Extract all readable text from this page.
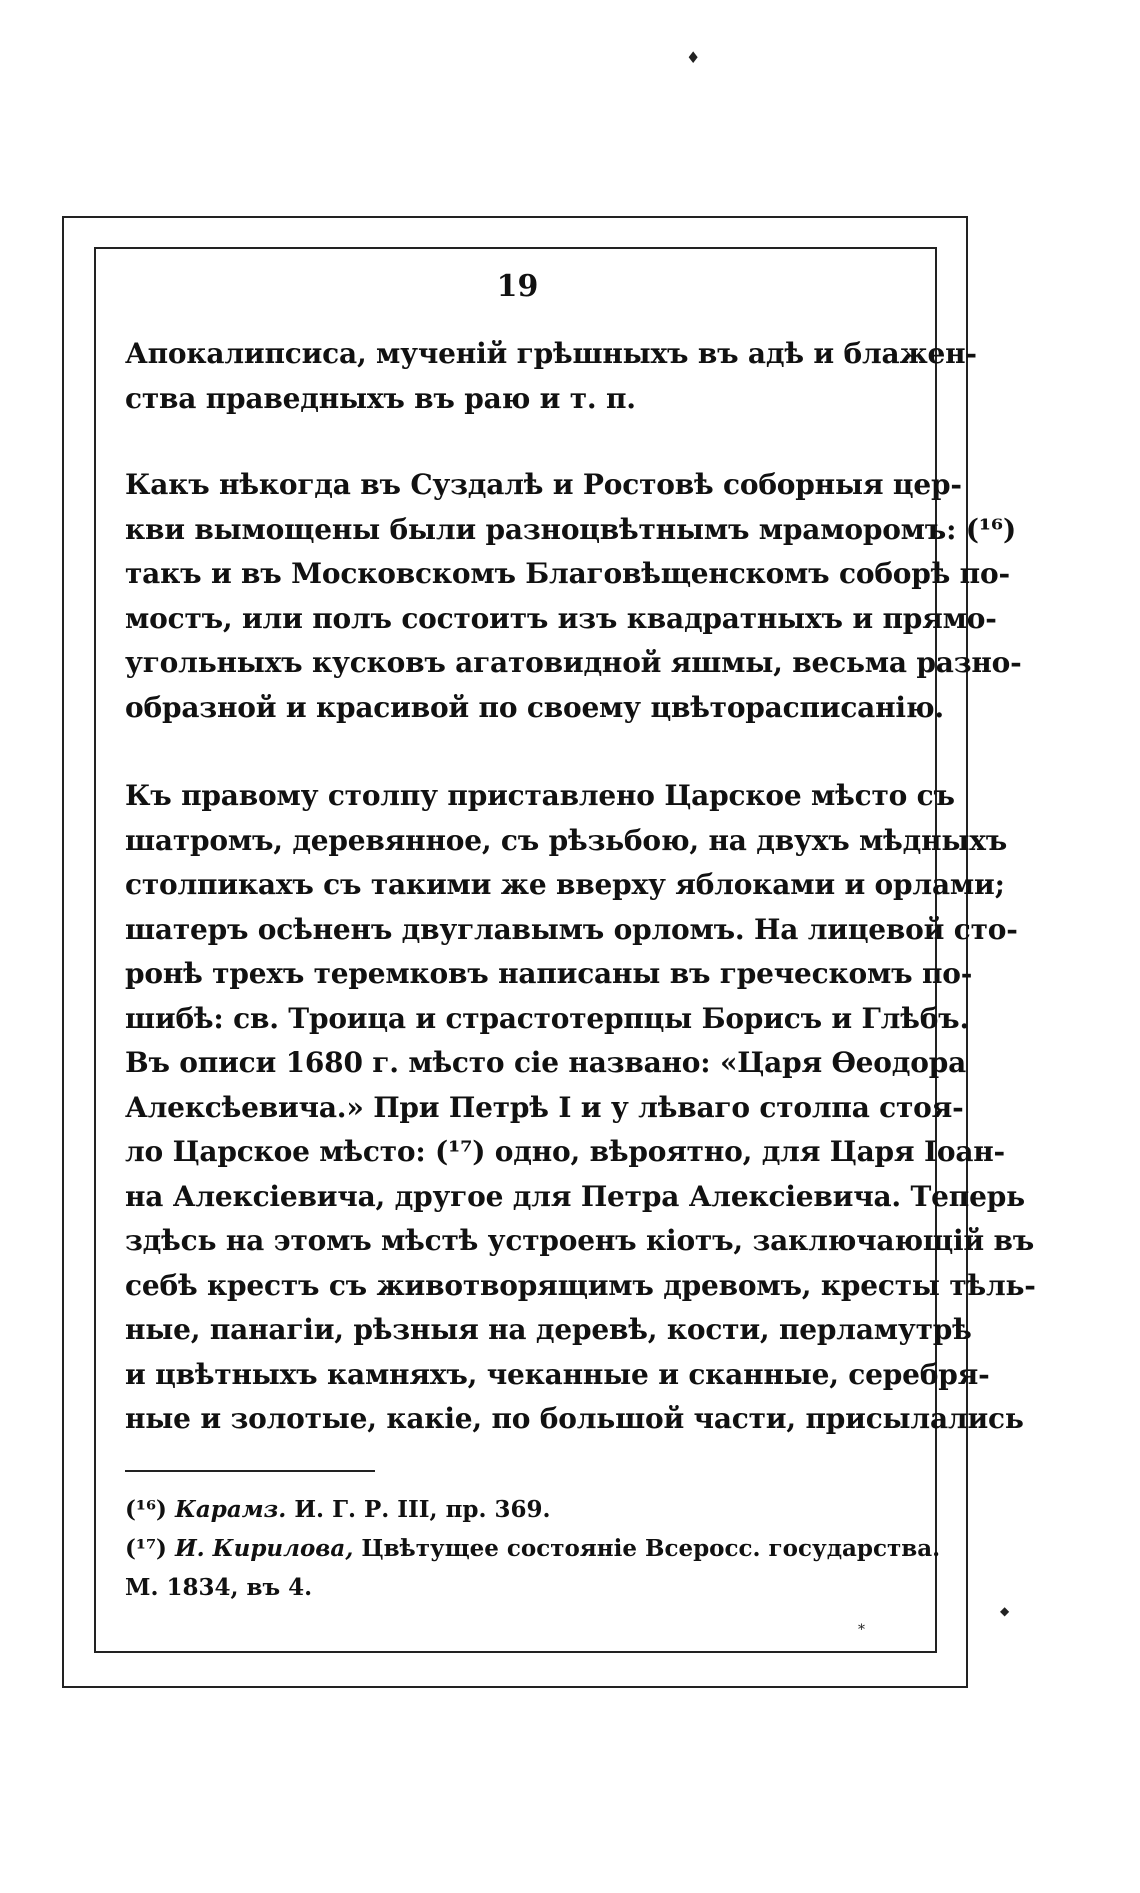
♦
◆
*
19
Апокалипсиса, мученій грѣшныхъ въ адѣ и блажен-
ства праведныхъ въ раю и т. п.
Какъ нѣкогда въ Суздалѣ и Ростовѣ соборныя цер-
кви вымощены были разноцвѣтнымъ мраморомъ: (¹⁶)
такъ и въ Московскомъ Благовѣщенскомъ соборѣ по-
мостъ, или полъ состоитъ изъ квадратныхъ и прямо-
угольныхъ кусковъ агатовидной яшмы, весьма разно-
образной и красивой по своему цвѣторасписанію.
Къ правому столпу приставлено Царское мѣсто съ
шатромъ, деревянное, съ рѣзьбою, на двухъ мѣдныхъ
столпикахъ съ такими же вверху яблоками и орлами;
шатеръ осѣненъ двуглавымъ орломъ. На лицевой сто-
ронѣ трехъ теремковъ написаны въ греческомъ по-
шибѣ: св. Троица и страстотерпцы Борисъ и Глѣбъ.
Въ описи 1680 г. мѣсто сіе названо: «Царя Ѳеодора
Алексѣевича.» При Петрѣ I и у лѣваго столпа стоя-
ло Царское мѣсто: (¹⁷) одно, вѣроятно, для Царя Іоан-
на Алексіевича, другое для Петра Алексіевича. Теперь
здѣсь на этомъ мѣстѣ устроенъ кіотъ, заключающій въ
себѣ крестъ съ животворящимъ древомъ, кресты тѣль-
ные, панагіи, рѣзныя на деревѣ, кости, перламутрѣ
и цвѣтныхъ камняхъ, чеканные и сканные, серебря-
ные и золотые, какіе, по большой части, присылались
(¹⁶) Карамз. И. Г. Р. III, пр. 369.
(¹⁷) И. Кирилова, Цвѣтущее состояніе Всеросс. государства.
М. 1834, въ 4.
